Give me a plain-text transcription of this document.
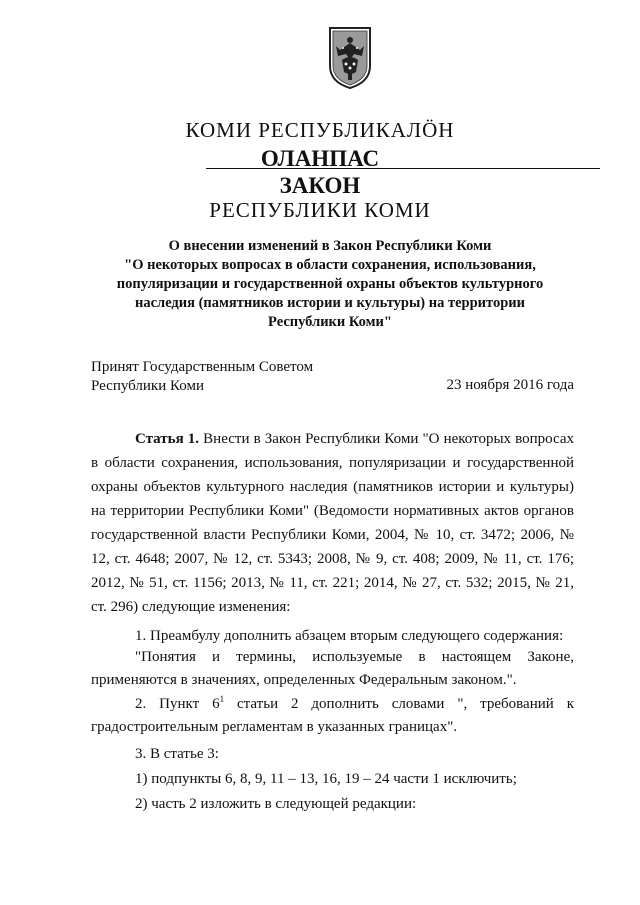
КОМИ РЕСПУБЛИКАЛӦН
ОЛАНПАС
ЗАКОН
РЕСПУБЛИКИ КОМИ
О внесении изменений в Закон Республики Коми
"О некоторых вопросах в области сохранения, использования,
популяризации и государственной охраны объектов культурного
наследия (памятников истории и культуры) на территории
Республики Коми"
Принят Государственным Советом
Республики Коми	23 ноября 2016 года

Статья 1. Внести в Закон Республики Коми "О некоторых вопросах в области сохранения, использования, популяризации и государственной охраны объектов культурного наследия (памятников истории и культуры) на территории Республики Коми" (Ведомости нормативных актов органов государственной власти Республики Коми, 2004, № 10, ст. 3472; 2006, № 12, ст. 4648; 2007, № 12, ст. 5343; 2008, № 9, ст. 408; 2009, № 11, ст. 176; 2012, № 51, ст. 1156; 2013, № 11, ст. 221; 2014, № 27, ст. 532; 2015, № 21, ст. 296) следующие изменения:

1. Преамбулу дополнить абзацем вторым следующего содержания:

"Понятия и термины, используемые в настоящем Законе, применяются в значениях, определенных Федеральным законом.".

2. Пункт $6^1$ статьи 2 дополнить словами ", требований к градостроительным регламентам в указанных границах".

3. В статье 3:

1) подпункты 6, 8, 9, 11 – 13, 16, 19 – 24 части 1 исключить;

2) часть 2 изложить в следующей редакции:
